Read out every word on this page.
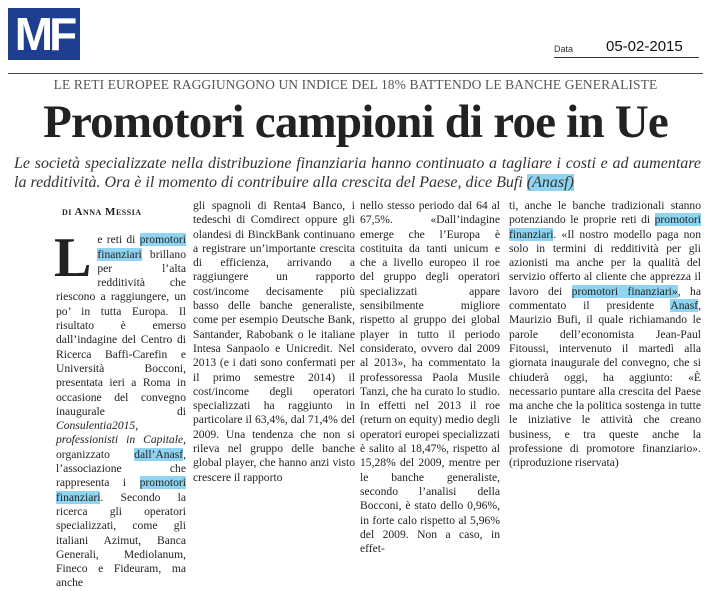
MF	Data 05-02-2015
LE RETI EUROPEE RAGGIUNGONO UN INDICE DEL 18% BATTENDO LE BANCHE GENERALISTE
Promotori campioni di roe in Ue
Le società specializzate nella distribuzione finanziaria hanno continuato a tagliare i costi e ad aumentare la redditività. Ora è il momento di contribuire alla crescita del Paese, dice Bufi (Anasf)
di Anna Messia

Le reti di promotori finanziari brillano per l’alta redditività che riescono a raggiungere, un po’ in tutta Europa. Il risultato è emerso dall’indagine del Centro di Ricerca Baffi-Carefin e Università Bocconi, presentata ieri a Roma in occasione del convegno inaugurale di Consulentia2015, professionisti in Capitale, organizzato dall’Anasf, l’associazione che rappresenta i promotori finanziari. Secondo la ricerca gli operatori specializzati, come gli italiani Azimut, Banca Generali, Mediolanum, Fineco e Fideuram, ma anche

gli spagnoli di Renta4 Banco, i tedeschi di Comdirect oppure gli olandesi di BinckBank continuano a registrare un’importante crescita di efficienza, arrivando a raggiungere un rapporto cost/income decisamente più basso delle banche generaliste, come per esempio Deutsche Bank, Santander, Rabobank o le italiane Intesa Sanpaolo e Unicredit. Nel 2013 (e i dati sono confermati per il primo semestre 2014) il cost/income degli operatori specializzati ha raggiunto in particolare il 63,4%, dal 71,4% del 2009. Una tendenza che non si rileva nel gruppo delle banche global player, che hanno anzi visto crescere il rapporto

nello stesso periodo dal 64 al 67,5%. «Dall’indagine emerge che l’Europa è costituita da tanti unicum e che a livello europeo il roe del gruppo degli operatori specializzati appare sensibilmente migliore rispetto al gruppo dei global player in tutto il periodo considerato, ovvero dal 2009 al 2013», ha commentato la professoressa Paola Musile Tanzi, che ha curato lo studio. In effetti nel 2013 il roe (return on equity) medio degli operatori europei specializzati è salito al 18,47%, rispetto al 15,28% del 2009, mentre per le banche generaliste, secondo l’analisi della Bocconi, è stato dello 0,96%, in forte calo rispetto al 5,96% del 2009. Non a caso, in effet-

ti, anche le banche tradizionali stanno potenziando le proprie reti di promotori finanziari. «Il nostro modello paga non solo in termini di redditività per gli azionisti ma anche per la qualità del servizio offerto al cliente che apprezza il lavoro dei promotori finanziari», ha commentato il presidente Anasf, Maurizio Bufi, il quale richiamando le parole dell’economista Jean-Paul Fitoussi, intervenuto il martedì alla giornata inaugurale del convegno, che si chiuderà oggi, ha aggiunto: «È necessario puntare alla crescita del Paese ma anche che la politica sostenga in tutte le iniziative le attività che creano business, e tra queste anche la professione di promotore finanziario». (riproduzione riservata)
